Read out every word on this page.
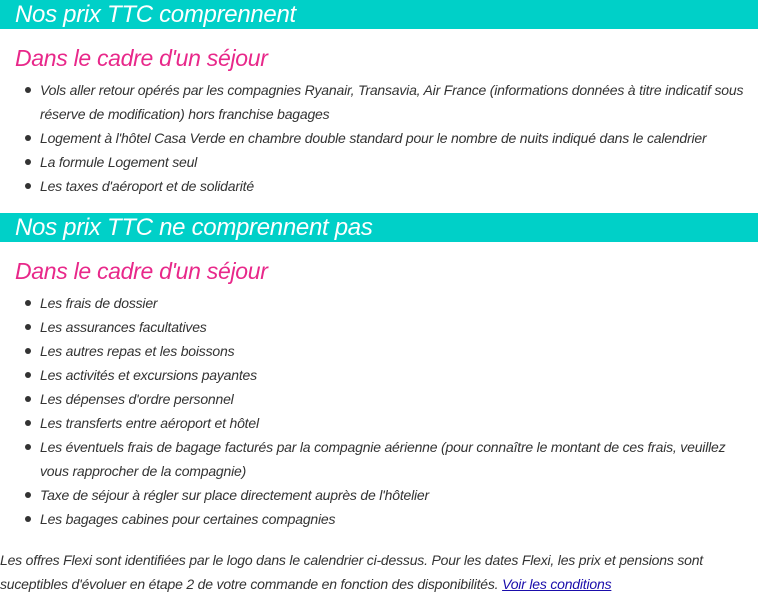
Nos prix TTC comprennent
Dans le cadre d'un séjour
Vols aller retour opérés par les compagnies Ryanair, Transavia, Air France (informations données à titre indicatif sous réserve de modification) hors franchise bagages
Logement à l'hôtel Casa Verde en chambre double standard pour le nombre de nuits indiqué dans le calendrier
La formule Logement seul
Les taxes d'aéroport et de solidarité
Nos prix TTC ne comprennent pas
Dans le cadre d'un séjour
Les frais de dossier
Les assurances facultatives
Les autres repas et les boissons
Les activités et excursions payantes
Les dépenses d'ordre personnel
Les transferts entre aéroport et hôtel
Les éventuels frais de bagage facturés par la compagnie aérienne (pour connaître le montant de ces frais, veuillez vous rapprocher de la compagnie)
Taxe de séjour à régler sur place directement auprès de l'hôtelier
Les bagages cabines pour certaines compagnies

Les offres Flexi sont identifiées par le logo dans le calendrier ci-dessus. Pour les dates Flexi, les prix et pensions sont suceptibles d'évoluer en étape 2 de votre commande en fonction des disponibilités. Voir les conditions
